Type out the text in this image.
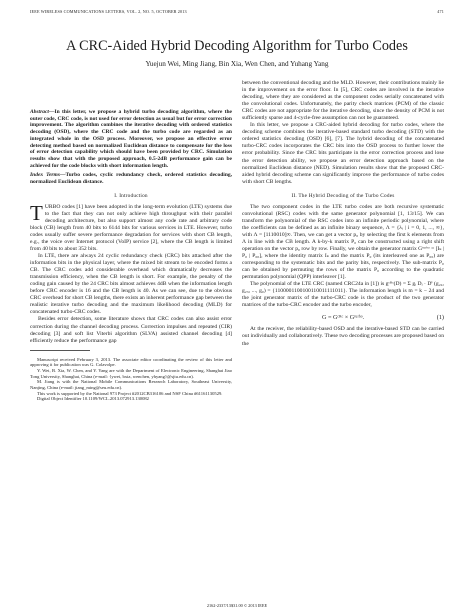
IEEE WIRELESS COMMUNICATIONS LETTERS, VOL. 2, NO. 5, OCTOBER 2013	471
A CRC-Aided Hybrid Decoding Algorithm for Turbo Codes
Yuejun Wei, Ming Jiang, Bin Xia, Wen Chen, and Yuhang Yang
Abstract—In this letter, we propose a hybrid turbo decoding algorithm, where the outer code, CRC code, is not used for error detection as usual but for error correction improvement. The algorithm combines the iterative decoding with ordered statistics decoding (OSD), where the CRC code and the turbo code are regarded as an integrated whole in the OSD process. Moreover, we propose an effective error detecting method based on normalized Euclidean distance to compensate for the loss of error detection capability which should have been provided by CRC. Simulation results show that with the proposed approach, 0.5-2dB performance gain can be achieved for the code blocks with short information length.
Index Terms—Turbo codes, cyclic redundancy check, ordered statistics decoding, normalized Euclidean distance.
I. Introduction

TURBO codes [1] have been adopted in the long-term evolution (LTE) systems due to the fact that they can not only achieve high throughput with their parallel decoding architecture, but also support almost any code rate and arbitrary code block (CB) length from 40 bits to 6144 bits for various services in LTE. However, turbo codes usually suffer severe performance degradation for services with short CB length, e.g., the voice over Internet protocol (VoIP) service [2], where the CB length is limited from 40 bits to about 352 bits.

In LTE, there are always 24 cyclic redundancy check (CRC) bits attached after the information bits in the physical layer, where the mixed bit stream to be encoded forms a CB. The CRC codes add considerable overhead which dramatically decreases the transmission efficiency, when the CB length is short. For example, the penalty of the coding gain caused by the 24 CRC bits almost achieves 4dB when the information length before CRC encoder is 16 and the CB length is 40. As we can see, due to the obvious CRC overhead for short CB lengths, there exists an inherent performance gap between the realistic iterative turbo decoding and the maximum likelihood decoding (MLD) for concatenated turbo-CRC codes.

Besides error detection, some literature shows that CRC codes can also assist error correction during the channel decoding process. Correction impulses and repeated (CIR) decoding [3] and soft list Viterbi algorithm (SLVA) assisted channel decoding [4] efficiently reduce the performance gap

Manuscript received February 3, 2013. The associate editor coordinating the review of this letter and approving it for publication was G. Colavolpe.

Y. Wei, B. Xia, W. Chen, and Y. Yang are with the Department of Electronic Engineering, Shanghai Jiao Tong University, Shanghai, China (e-mail: {ywei, bxia, wenchen, yhyang}@sjtu.edu.cn).

M. Jiang is with the National Mobile Communications Research Laboratory, Southeast University, Nanjing, China (e-mail: jiang_ming@seu.edu.cn).

This work is supported by the National 973 Project #2012CB316106 and NSF China #61161130529.

Digital Object Identifier 10.1109/WCL.2013.072913.130082

between the conventional decoding and the MLD. However, their contributions mainly lie in the improvement on the error floor. In [5], CRC codes are involved in the iterative decoding, where they are considered as the component codes serially concatenated with the convolutional codes. Unfortunately, the parity check matrices (PCM) of the classic CRC codes are not appropriate for the iterative decoding, since the density of PCM is not sufficiently sparse and 4-cycle-free assumption can not be guaranteed.

In this letter, we propose a CRC-aided hybrid decoding for turbo codes, where the decoding scheme combines the iterative-based standard turbo decoding (STD) with the ordered statistics decoding (OSD) [6], [7]. The hybrid decoding of the concatenated turbo-CRC codes incorporates the CRC bits into the OSD process to further lower the error probability. Since the CRC bits participate in the error correction process and lose the error detection ability, we propose an error detection approach based on the normalized Euclidean distance (NED). Simulation results show that the proposed CRC-aided hybrid decoding scheme can significantly improve the performance of turbo codes with short CB lengths.

II. The Hybrid Decoding of the Turbo Codes

The two component codes in the LTE turbo codes are both recursive systematic convolutional (RSC) codes with the same generator polynomial [1, 13/15]. We can transform the polynomial of the RSC codes into an infinite periodic polynomial, where the coefficients can be defined as an infinite binary sequence, Λ = {λᵢ | i = 0, 1, ..., ∞}, with Λ = [1110010]∞. Then, we can get a vector p₀ by selecting the first k elements from Λ in line with the CB length. A k-by-k matrix P₀ can be constructed using a right shift operation on the vector p₀ row by row. Finally, we obtain the generator matrix Gᵗᵘʳᵇᵒ = [Iₖ | P₀ | P₀₀], where the identity matrix Iₖ and the matrix P₀ (its interleaved one as P₀₀) are corresponding to the systematic bits and the parity bits, respectively. The sub-matrix P₀ can be obtained by permuting the rows of the matrix P₀ according to the quadratic permutation polynomial (QPP) interleaver [1].

The polynomial of the LTE CRC (named CRC24a in [1]) is gᶜᴿᶜ(D) = Σ gᵢ Dᵢ · Dⁱ (g₂₄, g₂₃, ..., g₀) = {1100001100100110011111011}. The information length is m = k − 24 and the joint generator matrix of the turbo-CRC code is the product of the two generator matrices of the turbo-CRC encoder and the turbo encoder,

G = Gᶜᴿᶜ × Gᵗᵘʳᵇᵒ.	(1)

At the receiver, the reliability-based OSD and the iterative-based STD can be carried out individually and collaboratively. These two decoding processes are proposed based on the

2162-2337/13$31.00 © 2013 IEEE
